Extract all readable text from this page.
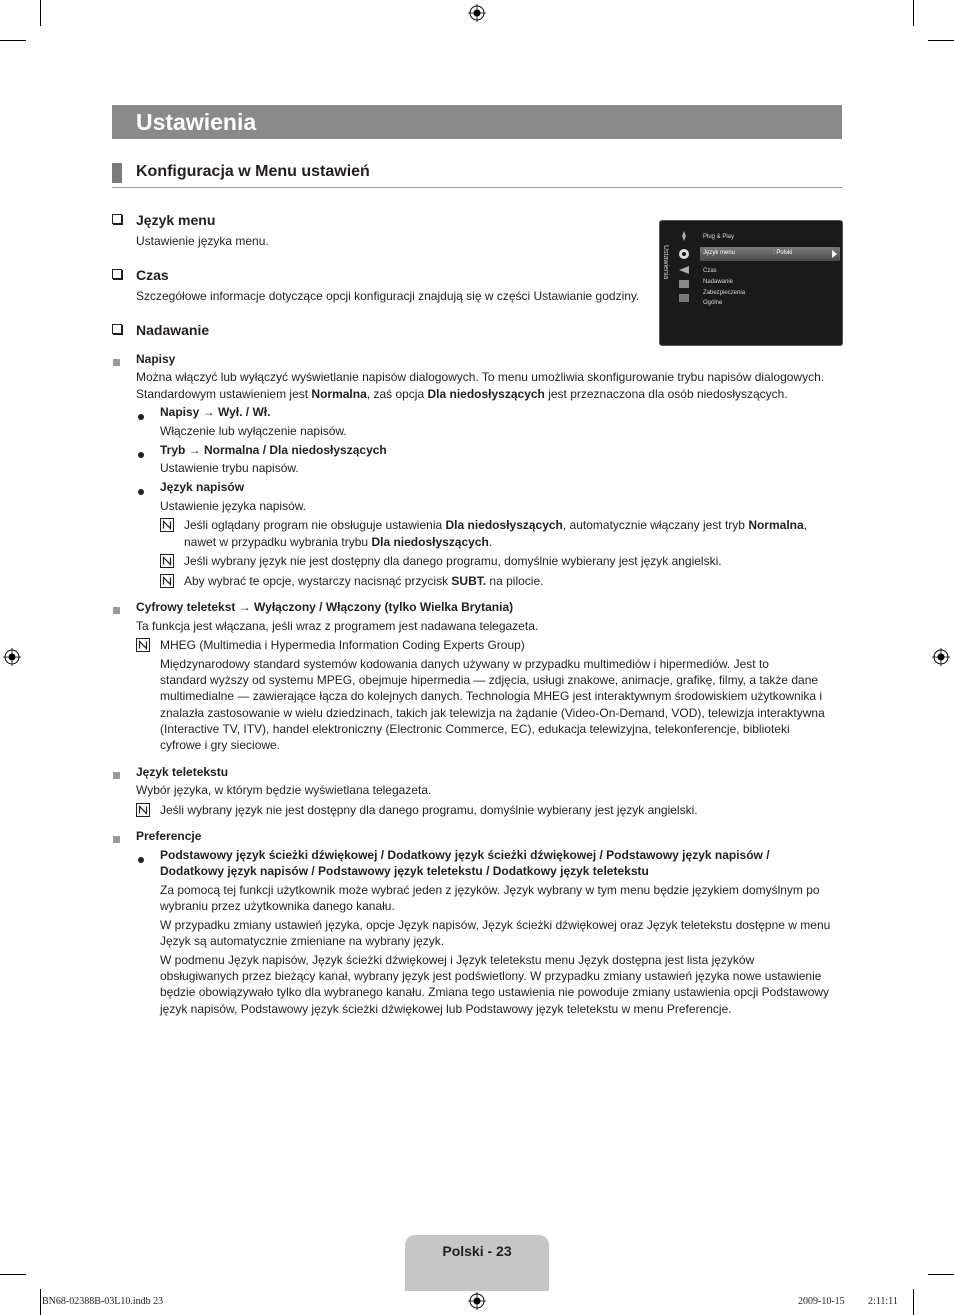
Ustawienia
Konfiguracja w Menu ustawień
Język menu
Ustawienie języka menu.
Czas
Szczegółowe informacje dotyczące opcji konfiguracji znajdują się w części Ustawianie godziny.
Nadawanie
Ustawienia
Plug & Play
Język menu	: Polski
Czas
Nadawanie
Zabezpieczenia
Ogólne
Napisy
Można włączyć lub wyłączyć wyświetlanie napisów dialogowych. To menu umożliwia skonfigurowanie trybu napisów dialogowych.
Standardowym ustawieniem jest Normalna, zaś opcja Dla niedosłyszących jest przeznaczona dla osób niedosłyszących.
Napisy → Wył. / Wł.
Włączenie lub wyłączenie napisów.
Tryb → Normalna / Dla niedosłyszących
Ustawienie trybu napisów.
Język napisów
Ustawienie języka napisów.
Jeśli oglądany program nie obsługuje ustawienia Dla niedosłyszących, automatycznie włączany jest tryb Normalna,
nawet w przypadku wybrania trybu Dla niedosłyszących.
Jeśli wybrany język nie jest dostępny dla danego programu, domyślnie wybierany jest język angielski.
Aby wybrać te opcje, wystarczy nacisnąć przycisk SUBT. na pilocie.
Cyfrowy teletekst → Wyłączony / Włączony (tylko Wielka Brytania)
Ta funkcja jest włączana, jeśli wraz z programem jest nadawana telegazeta.
MHEG (Multimedia i Hypermedia Information Coding Experts Group)
Międzynarodowy standard systemów kodowania danych używany w przypadku multimediów i hipermediów. Jest to
standard wyższy od systemu MPEG, obejmuje hipermedia — zdjęcia, usługi znakowe, animacje, grafikę, filmy, a także dane
multimedialne — zawierające łącza do kolejnych danych. Technologia MHEG jest interaktywnym środowiskiem użytkownika i
znalazła zastosowanie w wielu dziedzinach, takich jak telewizja na żądanie (Video-On-Demand, VOD), telewizja interaktywna
(Interactive TV, ITV), handel elektroniczny (Electronic Commerce, EC), edukacja telewizyjna, telekonferencje, biblioteki
cyfrowe i gry sieciowe.
Język teletekstu
Wybór języka, w którym będzie wyświetlana telegazeta.
Jeśli wybrany język nie jest dostępny dla danego programu, domyślnie wybierany jest język angielski.
Preferencje
Podstawowy język ścieżki dźwiękowej / Dodatkowy język ścieżki dźwiękowej / Podstawowy język napisów /
Dodatkowy język napisów / Podstawowy język teletekstu / Dodatkowy język teletekstu
Za pomocą tej funkcji użytkownik może wybrać jeden z języków. Język wybrany w tym menu będzie językiem domyślnym po
wybraniu przez użytkownika danego kanału.
W przypadku zmiany ustawień języka, opcje Język napisów, Język ścieżki dźwiękowej oraz Język teletekstu dostępne w menu
Język są automatycznie zmieniane na wybrany język.
W podmenu Język napisów, Język ścieżki dźwiękowej i Język teletekstu menu Język dostępna jest lista języków
obsługiwanych przez bieżący kanał, wybrany język jest podświetlony. W przypadku zmiany ustawień języka nowe ustawienie
będzie obowiązywało tylko dla wybranego kanału. Zmiana tego ustawienia nie powoduje zmiany ustawienia opcji Podstawowy
język napisów, Podstawowy język ścieżki dźwiękowej lub Podstawowy język teletekstu w menu Preferencje.
Polski - 23
BN68-02388B-03L10.indb 23	2009-10-15 2:11:11
